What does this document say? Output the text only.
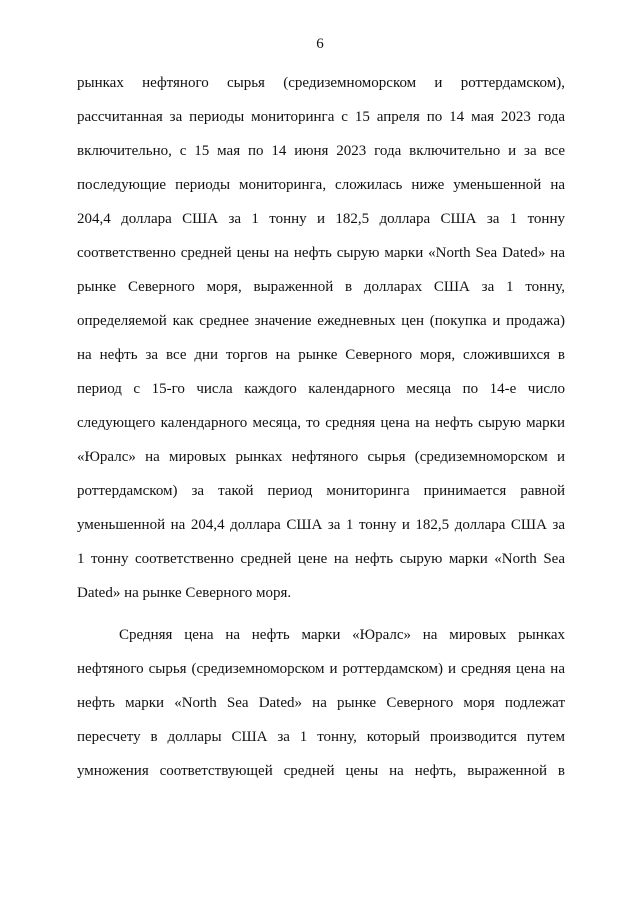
6
рынках нефтяного сырья (средиземноморском и роттердамском),
рассчитанная за периоды мониторинга с 15 апреля по 14 мая 2023 года
включительно, с 15 мая по 14 июня 2023 года включительно и за все
последующие периоды мониторинга, сложилась ниже уменьшенной на
204,4 доллара США за 1 тонну и 182,5 доллара США за 1 тонну
соответственно средней цены на нефть сырую марки «North Sea Dated» на
рынке Северного моря, выраженной в долларах США за 1 тонну,
определяемой как среднее значение ежедневных цен (покупка и продажа)
на нефть за все дни торгов на рынке Северного моря, сложившихся в
период с 15-го числа каждого календарного месяца по 14-е число
следующего календарного месяца, то средняя цена на нефть сырую марки
«Юралс» на мировых рынках нефтяного сырья (средиземноморском и
роттердамском) за такой период мониторинга принимается равной
уменьшенной на 204,4 доллара США за 1 тонну и 182,5 доллара США за
1 тонну соответственно средней цене на нефть сырую марки «North Sea
Dated» на рынке Северного моря.
Средняя цена на нефть марки «Юралс» на мировых рынках
нефтяного сырья (средиземноморском и роттердамском) и средняя цена на
нефть марки «North Sea Dated» на рынке Северного моря подлежат
пересчету в доллары США за 1 тонну, который производится путем
умножения соответствующей средней цены на нефть, выраженной в
